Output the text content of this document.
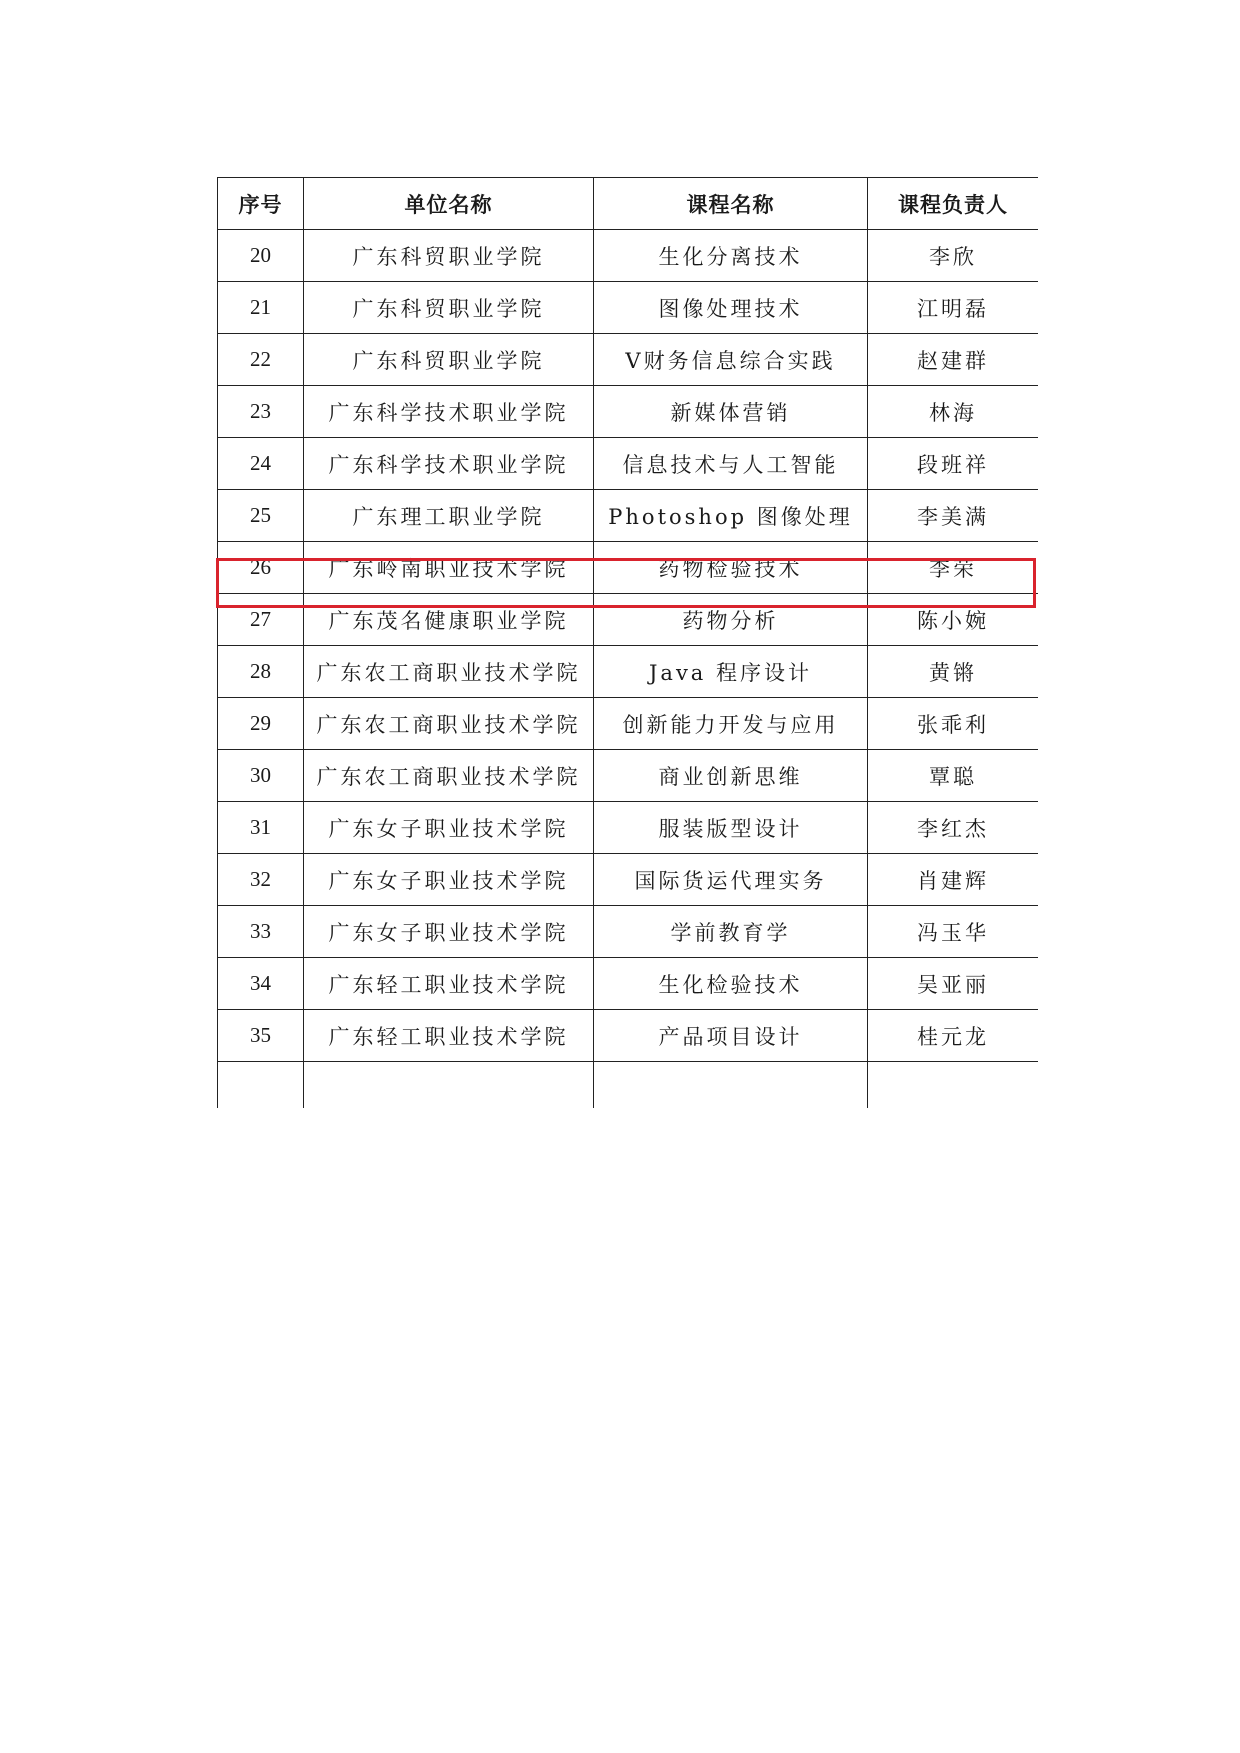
序号	单位名称	课程名称	课程负责人
20	广东科贸职业学院	生化分离技术	李欣
21	广东科贸职业学院	图像处理技术	江明磊
22	广东科贸职业学院	V财务信息综合实践	赵建群
23	广东科学技术职业学院	新媒体营销	林海
24	广东科学技术职业学院	信息技术与人工智能	段班祥
25	广东理工职业学院	Photoshop 图像处理	李美满
26	广东岭南职业技术学院	药物检验技术	李荣
27	广东茂名健康职业学院	药物分析	陈小婉
28	广东农工商职业技术学院	Java 程序设计	黄锵
29	广东农工商职业技术学院	创新能力开发与应用	张乖利
30	广东农工商职业技术学院	商业创新思维	覃聪
31	广东女子职业技术学院	服装版型设计	李红杰
32	广东女子职业技术学院	国际货运代理实务	肖建辉
33	广东女子职业技术学院	学前教育学	冯玉华
34	广东轻工职业技术学院	生化检验技术	吴亚丽
35	广东轻工职业技术学院	产品项目设计	桂元龙
